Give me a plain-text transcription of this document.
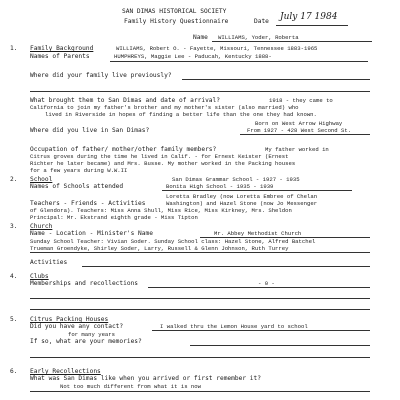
SAN DIMAS HISTORICAL SOCIETY
Family History Questionnaire	Date July 17 1984
Name WILLIAMS, Yoder, Roberta
1. Family Background	WILLIAMS, Robert O. - Fayette, Missouri, Tennessee 1883-1965
Names of Parents	HUMPHREYS, Maggie Lee - Paducah, Kentucky 1888-
Where did your family live previously?
What brought them to San Dimas and date of arrival?	1918 - they came to
California to join my father's brother and my mother's sister (also married) who
lived in Riverside in hopes of finding a better life than the one they had known.
Born on West Arrow Highway
Where did you live in San Dimas?	From 1927 - 428 West Second St.
Occupation of father/ mother/other family members?	My father worked in
Citrus groves during the time he lived in Calif. - for Ernest Keister (Ernest
Richter he later became) and Mrs. Busse. My mother worked in the Packing houses
for a few years during W.W.II
2. School	San Dimas Grammar School - 1927 - 1935
Names of Schools attended	Bonita High School - 1935 - 1939
Loretta Bradley (now Loretta Embree of Chelan
Teachers - Friends - Activities	Washington) and Hazel Stone (now Jo Messenger
of Glendora). Teachers: Miss Anna Shull, Miss Rice, Miss Kirkney, Mrs. Sheldon
Principal: Mr. Ekstrand eighth grade - Miss Tipton
3. Church
Name - Location - Minister's Name	Mr. Abbey Methodist Church
Sunday School Teacher: Vivian Soder. Sunday School class: Hazel Stone, Alfred Batchel
Trueman Groendyke, Shirley Soder, Larry, Russell & Glenn Johnson, Ruth Turrey
Activities
4. Clubs
Memberships and recollections	- 0 -
5. Citrus Packing Houses
Did you have any contact?	I walked thru the Lemon House yard to school
for many years
If so, what are your memories?
6. Early Recollections
What was San Dimas like when you arrived or first remember it?
Not too much different from what it is now
